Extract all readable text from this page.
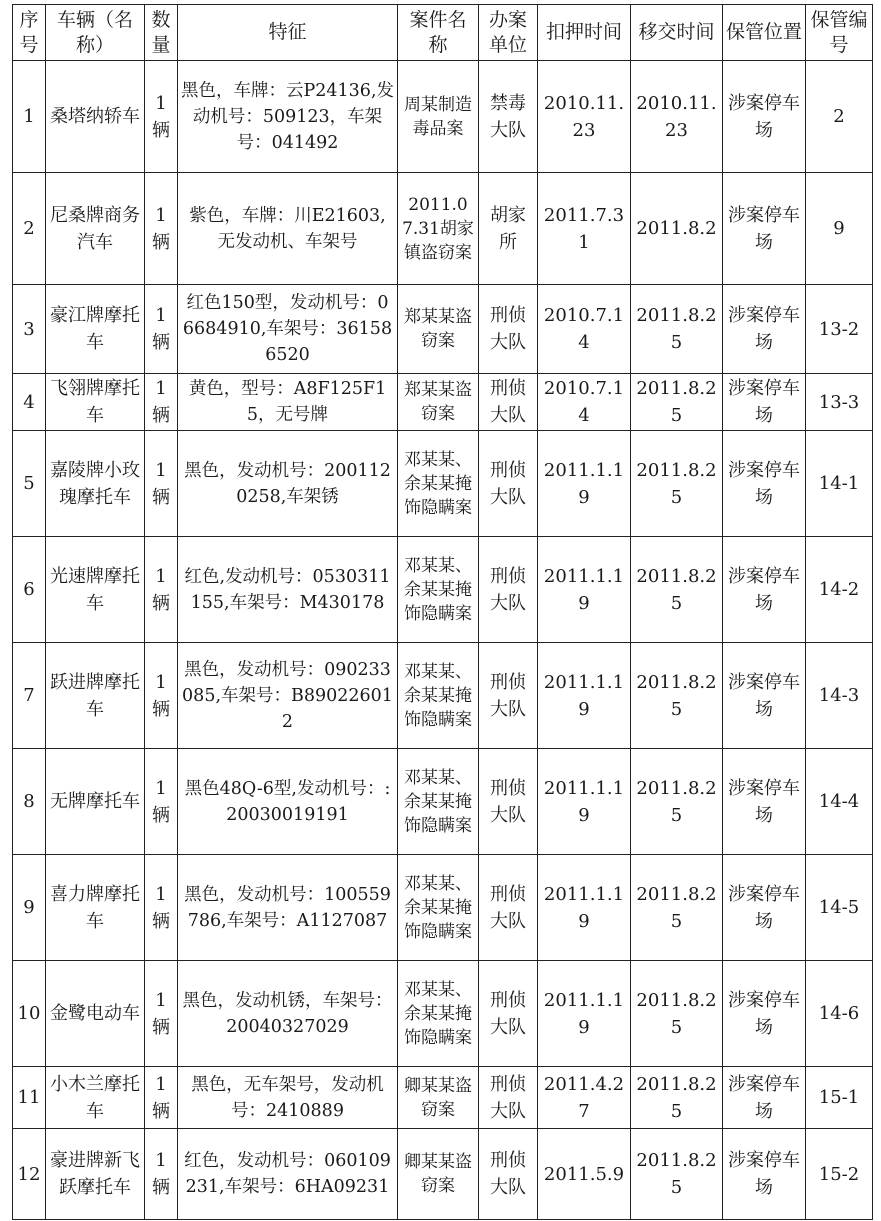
序号	车辆（名称）	数量	特征	案件名称	办案单位	扣押时间	移交时间	保管位置	保管编号
1	桑塔纳轿车	1辆	黑色，车牌：云P24136,发动机号：509123，车架号：041492	周某制造毒品案	禁毒大队	2010.11.23	2010.11.23	涉案停车场	2
2	尼桑牌商务汽车	1辆	紫色，车牌：川E21603,无发动机、车架号	2011.07.31胡家镇盗窃案	胡家所	2011.7.31	2011.8.2	涉案停车场	9
3	豪江牌摩托车	1辆	红色150型，发动机号：06684910,车架号：361586520	郑某某盗窃案	刑侦大队	2010.7.14	2011.8.25	涉案停车场	13-2
4	飞翎牌摩托车	1辆	黄色，型号：A8F125F15，无号牌	郑某某盗窃案	刑侦大队	2010.7.14	2011.8.25	涉案停车场	13-3
5	嘉陵牌小玫瑰摩托车	1辆	黑色，发动机号：2001120258,车架锈	邓某某、余某某掩饰隐瞒案	刑侦大队	2011.1.19	2011.8.25	涉案停车场	14-1
6	光速牌摩托车	1辆	红色,发动机号：0530311155,车架号：M430178	邓某某、余某某掩饰隐瞒案	刑侦大队	2011.1.19	2011.8.25	涉案停车场	14-2
7	跃进牌摩托车	1辆	黑色，发动机号：090233085,车架号：B890226012	邓某某、余某某掩饰隐瞒案	刑侦大队	2011.1.19	2011.8.25	涉案停车场	14-3
8	无牌摩托车	1辆	黑色48Q-6型,发动机号：:20030019191	邓某某、余某某掩饰隐瞒案	刑侦大队	2011.1.19	2011.8.25	涉案停车场	14-4
9	喜力牌摩托车	1辆	黑色，发动机号：100559786,车架号：A1127087	邓某某、余某某掩饰隐瞒案	刑侦大队	2011.1.19	2011.8.25	涉案停车场	14-5
10	金鹭电动车	1辆	黑色，发动机锈，车架号：20040327029	邓某某、余某某掩饰隐瞒案	刑侦大队	2011.1.19	2011.8.25	涉案停车场	14-6
11	小木兰摩托车	1辆	黑色，无车架号，发动机号：2410889	卿某某盗窃案	刑侦大队	2011.4.27	2011.8.25	涉案停车场	15-1
12	豪进牌新飞跃摩托车	1辆	红色，发动机号：060109231,车架号：6HA09231	卿某某盗窃案	刑侦大队	2011.5.9	2011.8.25	涉案停车场	15-2
